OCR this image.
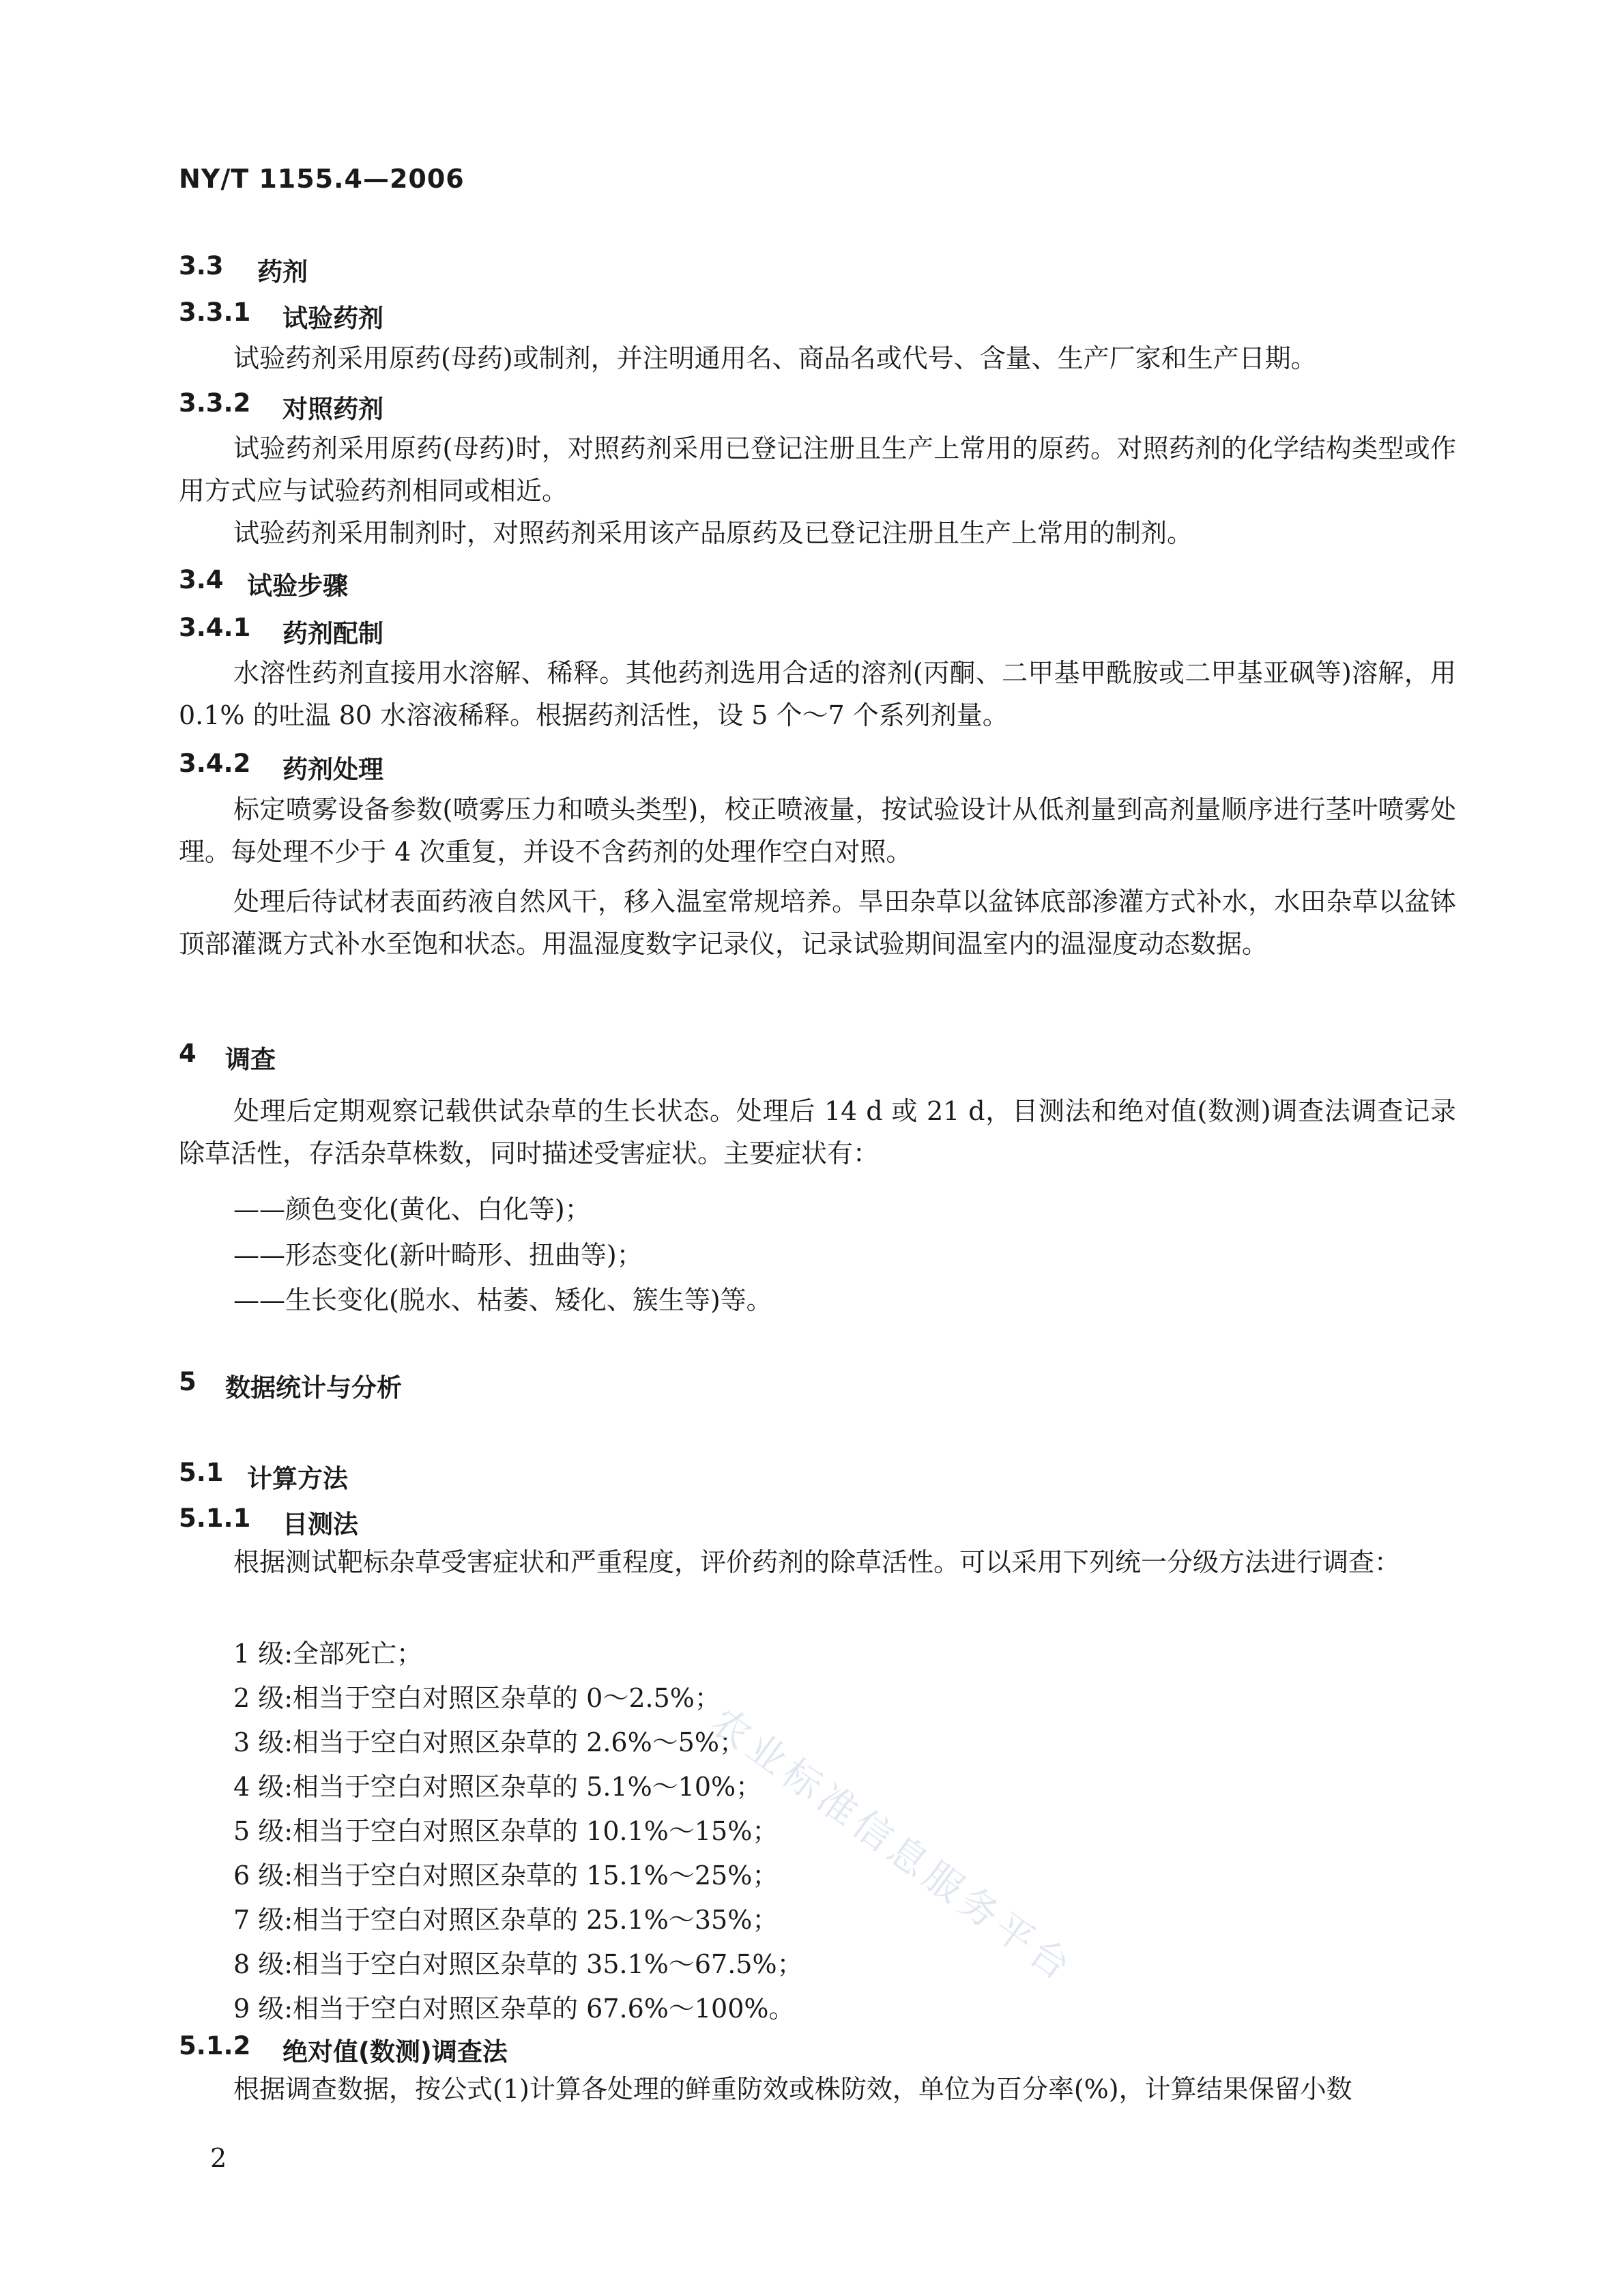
NY/T 1155.4—2006
3.3 药剂
3.3.1 试验药剂
试验药剂采用原药(母药)或制剂，并注明通用名、商品名或代号、含量、生产厂家和生产日期。
3.3.2 对照药剂
试验药剂采用原药(母药)时，对照药剂采用已登记注册且生产上常用的原药。对照药剂的化学结构类型或作用方式应与试验药剂相同或相近。
试验药剂采用制剂时，对照药剂采用该产品原药及已登记注册且生产上常用的制剂。
3.4 试验步骤
3.4.1 药剂配制
水溶性药剂直接用水溶解、稀释。其他药剂选用合适的溶剂(丙酮、二甲基甲酰胺或二甲基亚砜等)溶解，用 0.1% 的吐温 80 水溶液稀释。根据药剂活性，设 5 个～7 个系列剂量。
3.4.2 药剂处理
标定喷雾设备参数(喷雾压力和喷头类型)，校正喷液量，按试验设计从低剂量到高剂量顺序进行茎叶喷雾处理。每处理不少于 4 次重复，并设不含药剂的处理作空白对照。
处理后待试材表面药液自然风干，移入温室常规培养。旱田杂草以盆钵底部渗灌方式补水，水田杂草以盆钵顶部灌溉方式补水至饱和状态。用温湿度数字记录仪，记录试验期间温室内的温湿度动态数据。
4 调查
处理后定期观察记载供试杂草的生长状态。处理后 14 d 或 21 d，目测法和绝对值(数测)调查法调查记录除草活性，存活杂草株数，同时描述受害症状。主要症状有：
——颜色变化(黄化、白化等)；
——形态变化(新叶畸形、扭曲等)；
——生长变化(脱水、枯萎、矮化、簇生等)等。
5 数据统计与分析
5.1 计算方法
5.1.1 目测法
根据测试靶标杂草受害症状和严重程度，评价药剂的除草活性。可以采用下列统一分级方法进行调查：
1 级:全部死亡；
2 级:相当于空白对照区杂草的 0～2.5%；
3 级:相当于空白对照区杂草的 2.6%～5%；
4 级:相当于空白对照区杂草的 5.1%～10%；
5 级:相当于空白对照区杂草的 10.1%～15%；
6 级:相当于空白对照区杂草的 15.1%～25%；
7 级:相当于空白对照区杂草的 25.1%～35%；
8 级:相当于空白对照区杂草的 35.1%～67.5%；
9 级:相当于空白对照区杂草的 67.6%～100%。
5.1.2 绝对值(数测)调查法
根据调查数据，按公式(1)计算各处理的鲜重防效或株防效，单位为百分率(%)，计算结果保留小数
2
农业标准信息服务平台
